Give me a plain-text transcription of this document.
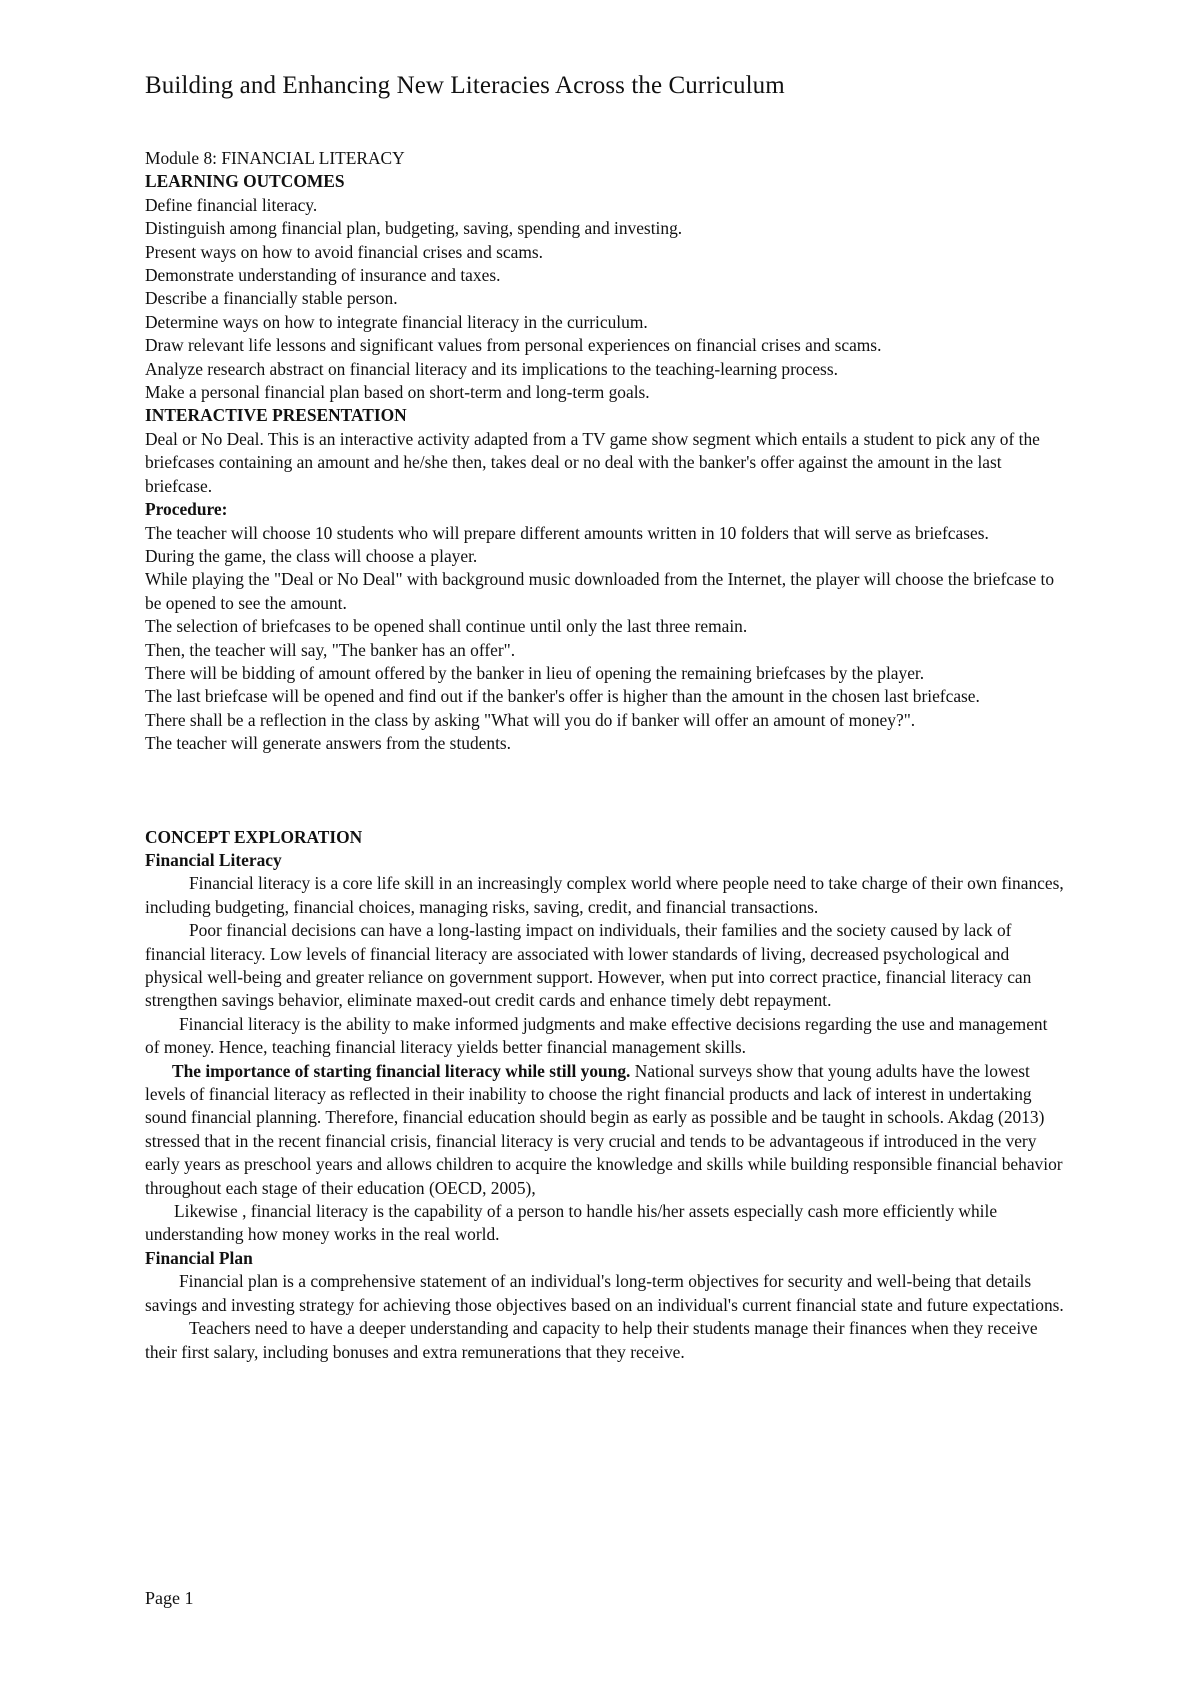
Building and Enhancing New Literacies Across the Curriculum

Module 8: FINANCIAL LITERACY

LEARNING OUTCOMES

Define financial literacy.

Distinguish among financial plan, budgeting, saving, spending and investing.

Present ways on how to avoid financial crises and scams.

Demonstrate understanding of insurance and taxes.

Describe a financially stable person.

Determine ways on how to integrate financial literacy in the curriculum.

Draw relevant life lessons and significant values from personal experiences on financial crises and scams.

Analyze research abstract on financial literacy and its implications to the teaching-learning process.

Make a personal financial plan based on short-term and long-term goals.

INTERACTIVE PRESENTATION

Deal or No Deal. This is an interactive activity adapted from a TV game show segment which entails a student to pick any of the briefcases containing an amount and he/she then, takes deal or no deal with the banker's offer against the amount in the last briefcase.

Procedure:

The teacher will choose 10 students who will prepare different amounts written in 10 folders that will serve as briefcases.

During the game, the class will choose a player.

While playing the "Deal or No Deal" with background music downloaded from the Internet, the player will choose the briefcase to be opened to see the amount.

The selection of briefcases to be opened shall continue until only the last three remain.

Then, the teacher will say, "The banker has an offer".

There will be bidding of amount offered by the banker in lieu of opening the remaining briefcases by the player.

The last briefcase will be opened and find out if the banker's offer is higher than the amount in the chosen last briefcase.

There shall be a reflection in the class by asking "What will you do if banker will offer an amount of money?".

The teacher will generate answers from the students.

CONCEPT EXPLORATION

Financial Literacy

Financial literacy is a core life skill in an increasingly complex world where people need to take charge of their own finances, including budgeting, financial choices, managing risks, saving, credit, and financial transactions.

Poor financial decisions can have a long-lasting impact on individuals, their families and the society caused by lack of financial literacy. Low levels of financial literacy are associated with lower standards of living, decreased psychological and physical well-being and greater reliance on government support. However, when put into correct practice, financial literacy can strengthen savings behavior, eliminate maxed-out credit cards and enhance timely debt repayment.

Financial literacy is the ability to make informed judgments and make effective decisions regarding the use and management of money. Hence, teaching financial literacy yields better financial management skills.

The importance of starting financial literacy while still young. National surveys show that young adults have the lowest levels of financial literacy as reflected in their inability to choose the right financial products and lack of interest in undertaking sound financial planning. Therefore, financial education should begin as early as possible and be taught in schools. Akdag (2013) stressed that in the recent financial crisis, financial literacy is very crucial and tends to be advantageous if introduced in the very early years as preschool years and allows children to acquire the knowledge and skills while building responsible financial behavior throughout each stage of their education (OECD, 2005),

Likewise , financial literacy is the capability of a person to handle his/her assets especially cash more efficiently while understanding how money works in the real world.

Financial Plan

Financial plan is a comprehensive statement of an individual's long-term objectives for security and well-being that details savings and investing strategy for achieving those objectives based on an individual's current financial state and future expectations.

Teachers need to have a deeper understanding and capacity to help their students manage their finances when they receive their first salary, including bonuses and extra remunerations that they receive.

Page 1
